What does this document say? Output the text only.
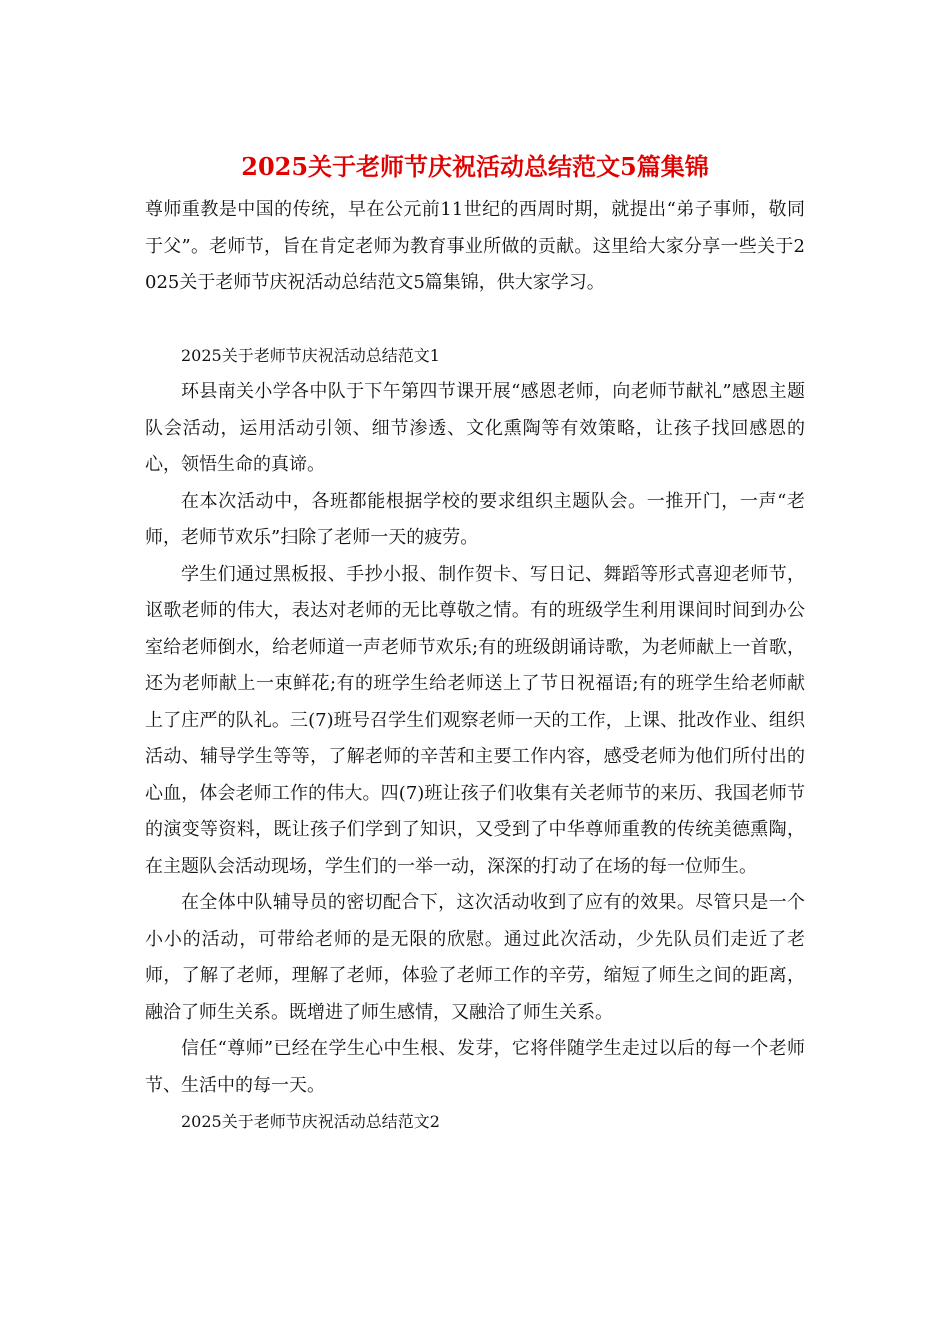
2025关于老师节庆祝活动总结范文5篇集锦

尊师重教是中国的传统，早在公元前11世纪的西周时期，就提出“弟子事师，敬同于父”。老师节，旨在肯定老师为教育事业所做的贡献。这里给大家分享一些关于2025关于老师节庆祝活动总结范文5篇集锦，供大家学习。

2025关于老师节庆祝活动总结范文1

环县南关小学各中队于下午第四节课开展“感恩老师，向老师节献礼”感恩主题队会活动，运用活动引领、细节渗透、文化熏陶等有效策略，让孩子找回感恩的心，领悟生命的真谛。

在本次活动中，各班都能根据学校的要求组织主题队会。一推开门，一声“老师，老师节欢乐”扫除了老师一天的疲劳。

学生们通过黑板报、手抄小报、制作贺卡、写日记、舞蹈等形式喜迎老师节，讴歌老师的伟大，表达对老师的无比尊敬之情。有的班级学生利用课间时间到办公室给老师倒水，给老师道一声老师节欢乐;有的班级朗诵诗歌，为老师献上一首歌，还为老师献上一束鲜花;有的班学生给老师送上了节日祝福语;有的班学生给老师献上了庄严的队礼。三(7)班号召学生们观察老师一天的工作，上课、批改作业、组织活动、辅导学生等等，了解老师的辛苦和主要工作内容，感受老师为他们所付出的心血，体会老师工作的伟大。四(7)班让孩子们收集有关老师节的来历、我国老师节的演变等资料，既让孩子们学到了知识，又受到了中华尊师重教的传统美德熏陶，在主题队会活动现场，学生们的一举一动，深深的打动了在场的每一位师生。

在全体中队辅导员的密切配合下，这次活动收到了应有的效果。尽管只是一个小小的活动，可带给老师的是无限的欣慰。通过此次活动，少先队员们走近了老师，了解了老师，理解了老师，体验了老师工作的辛劳，缩短了师生之间的距离，融洽了师生关系。既增进了师生感情，又融洽了师生关系。

信任“尊师”已经在学生心中生根、发芽，它将伴随学生走过以后的每一个老师节、生活中的每一天。

2025关于老师节庆祝活动总结范文2
